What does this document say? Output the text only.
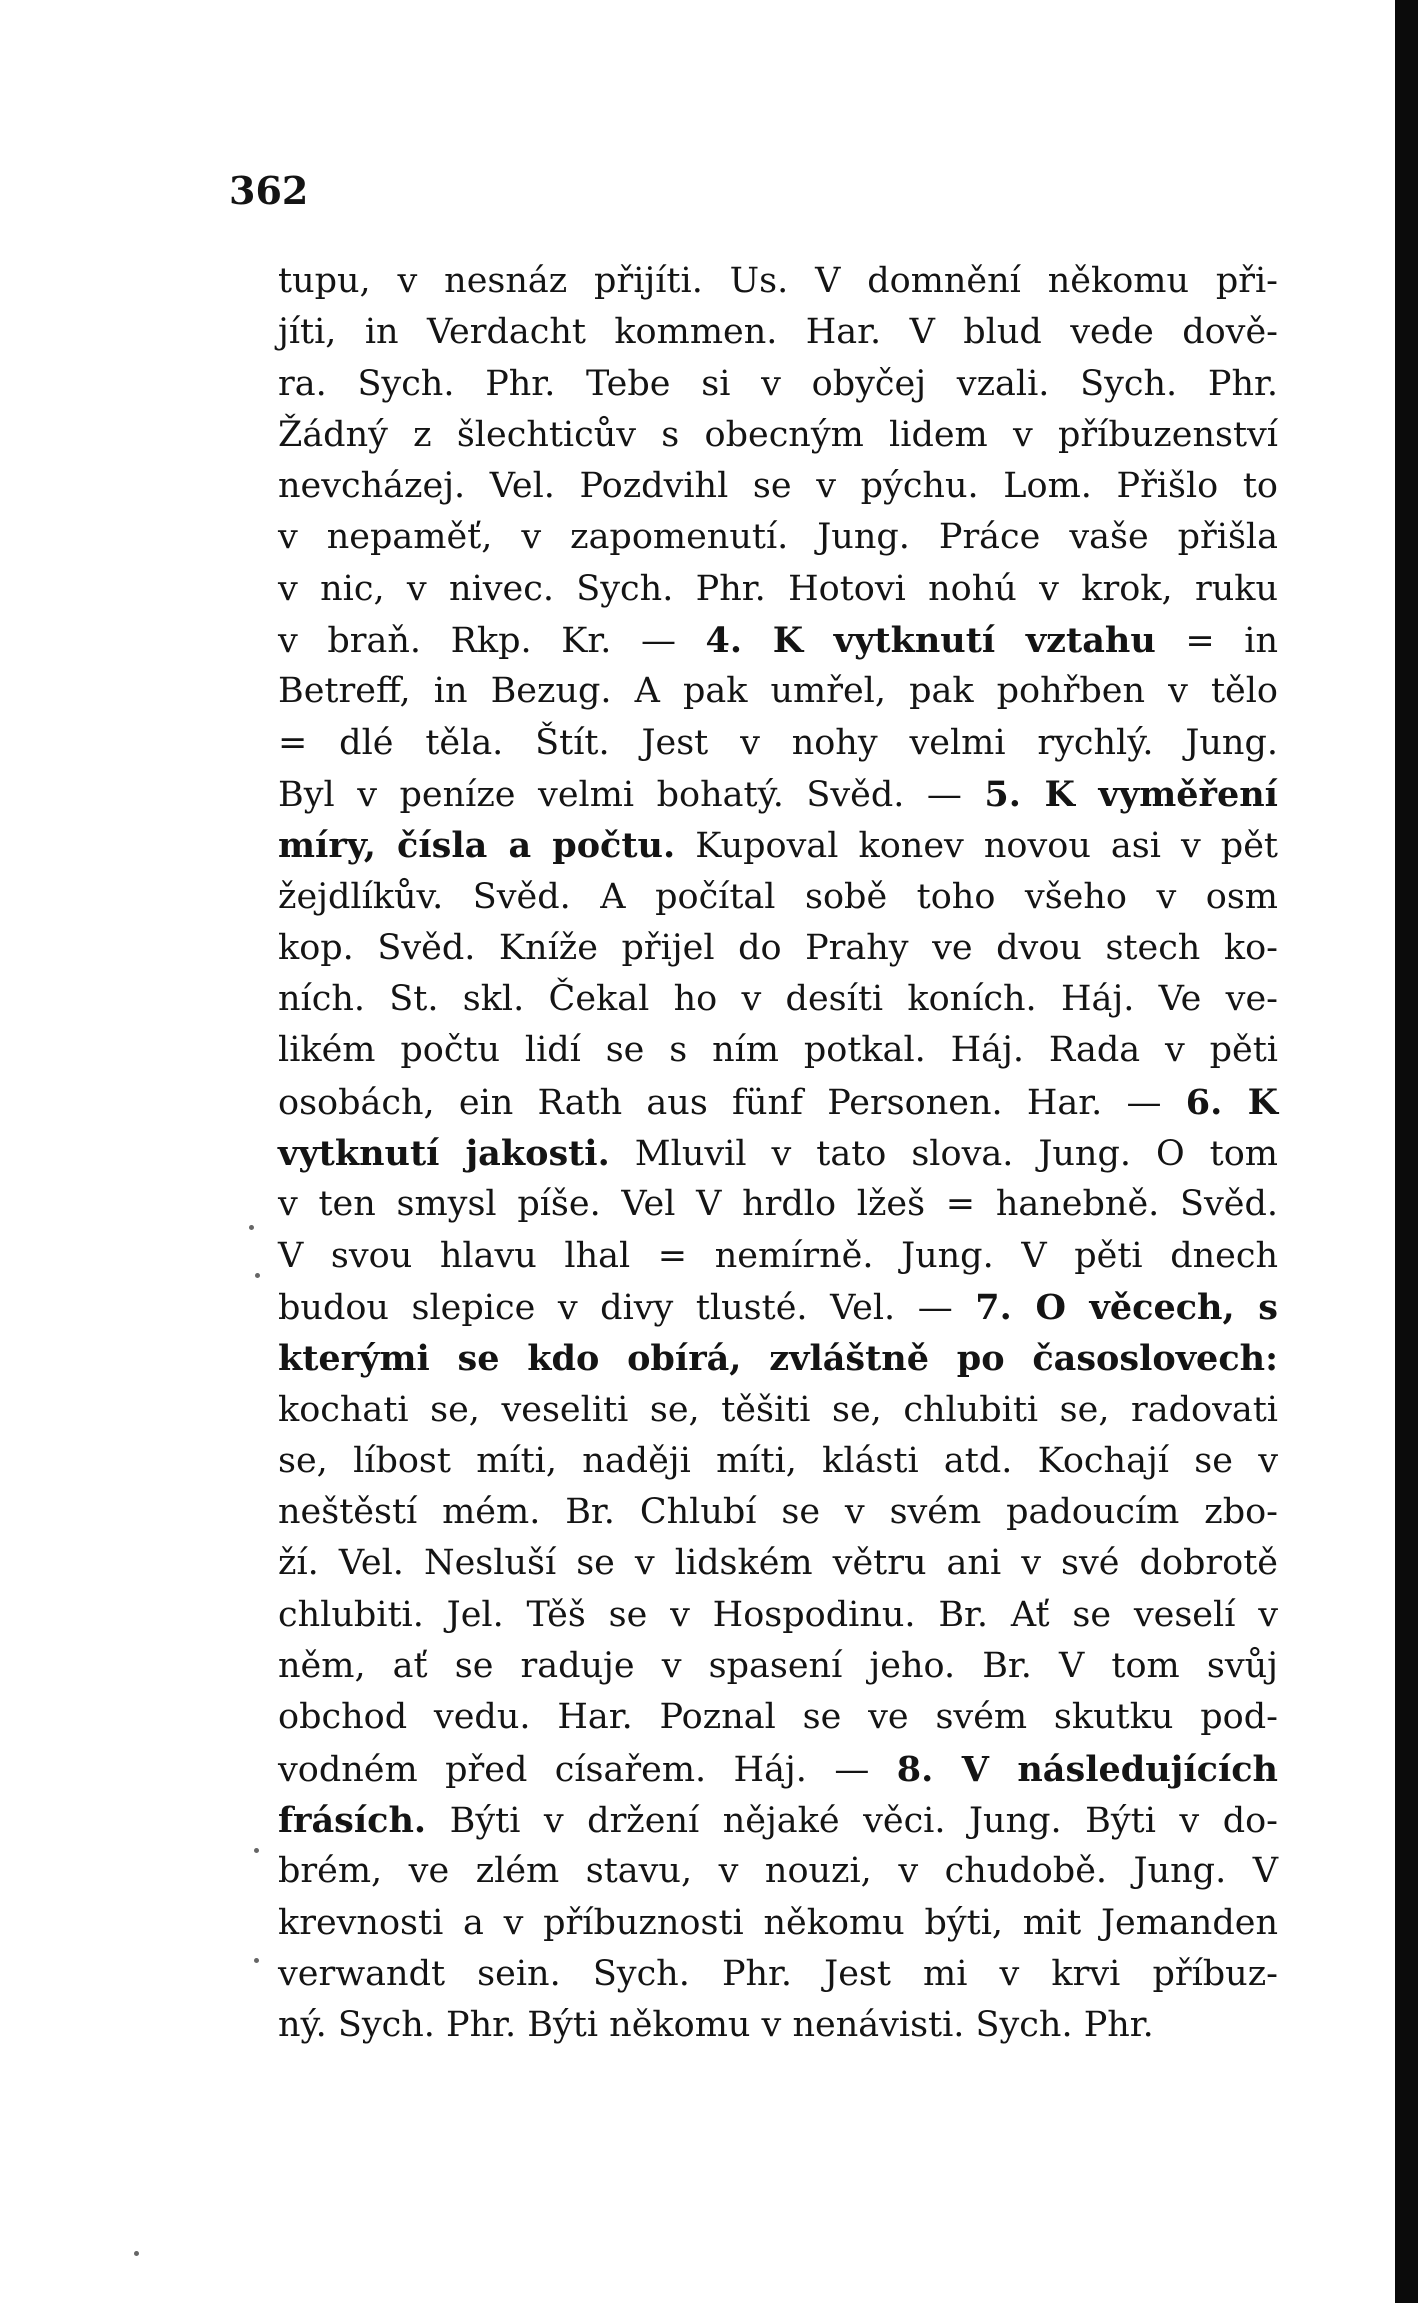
362
tupu, v nesnáz přijíti. Us. V domnění někomu při-
jíti, in Verdacht kommen. Har. V blud vede dově-
ra. Sych. Phr. Tebe si v obyčej vzali. Sych. Phr.
Žádný z šlechticův s obecným lidem v příbuzenství
nevcházej. Vel. Pozdvihl se v pýchu. Lom. Přišlo to
v nepaměť, v zapomenutí. Jung. Práce vaše přišla
v nic, v nivec. Sych. Phr. Hotovi nohú v krok, ruku
v braň. Rkp. Kr. — 4. K vytknutí vztahu = in
Betreff, in Bezug. A pak umřel, pak pohřben v tělo
= dlé těla. Štít. Jest v nohy velmi rychlý. Jung.
Byl v peníze velmi bohatý. Svěd. — 5. K vyměření
míry, čísla a počtu. Kupoval konev novou asi v pět
žejdlíkův. Svěd. A počítal sobě toho všeho v osm
kop. Svěd. Kníže přijel do Prahy ve dvou stech ko-
ních. St. skl. Čekal ho v desíti koních. Háj. Ve ve-
likém počtu lidí se s ním potkal. Háj. Rada v pěti
osobách, ein Rath aus fünf Personen. Har. — 6. K
vytknutí jakosti. Mluvil v tato slova. Jung. O tom
v ten smysl píše. Vel V hrdlo lžeš = hanebně. Svěd.
V svou hlavu lhal = nemírně. Jung. V pěti dnech
budou slepice v divy tlusté. Vel. — 7. O věcech, s
kterými se kdo obírá, zvláštně po časoslovech:
kochati se, veseliti se, těšiti se, chlubiti se, radovati
se, líbost míti, naději míti, klásti atd. Kochají se v
neštěstí mém. Br. Chlubí se v svém padoucím zbo-
ží. Vel. Nesluší se v lidském větru ani v své dobrotě
chlubiti. Jel. Těš se v Hospodinu. Br. Ať se veselí v
něm, ať se raduje v spasení jeho. Br. V tom svůj
obchod vedu. Har. Poznal se ve svém skutku pod-
vodném před císařem. Háj. — 8. V následujících
frásích. Býti v držení nějaké věci. Jung. Býti v do-
brém, ve zlém stavu, v nouzi, v chudobě. Jung. V
krevnosti a v příbuznosti někomu býti, mit Jemanden
verwandt sein. Sych. Phr. Jest mi v krvi příbuz-
ný. Sych. Phr. Býti někomu v nenávisti. Sych. Phr.
